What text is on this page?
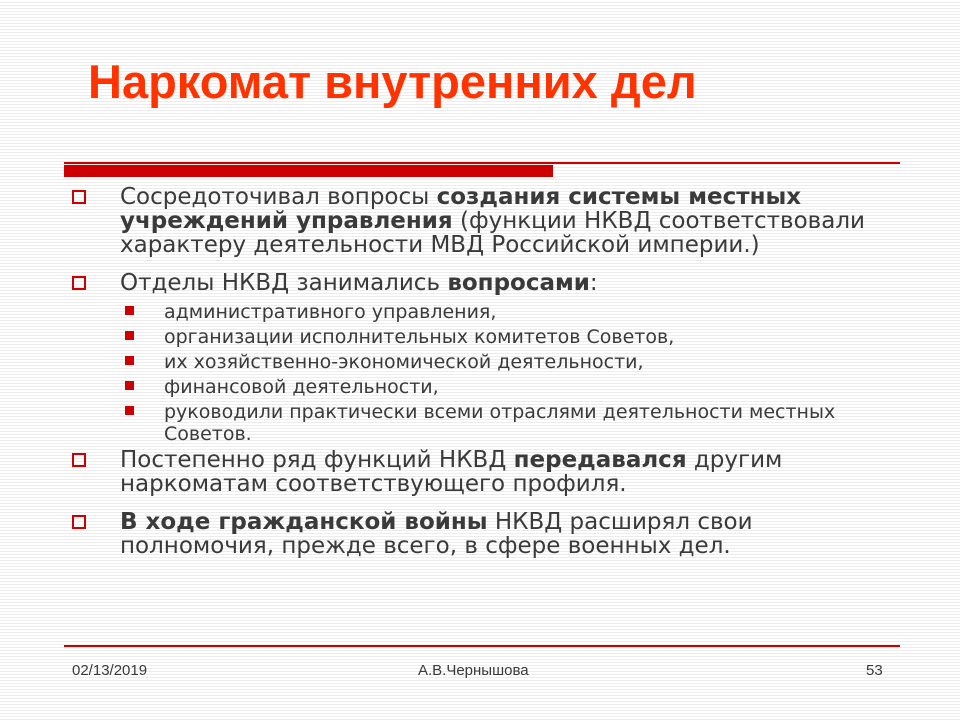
Наркомат внутренних дел
Сосредоточивал вопросы создания системы местных учреждений управления (функции НКВД соответствовали характеру деятельности МВД Российской империи.)
Отделы НКВД занимались вопросами:
административного управления,
организации исполнительных комитетов Советов,
их хозяйственно-экономической деятельности,
финансовой деятельности,
руководили практически всеми отраслями деятельности местных Советов.
Постепенно ряд функций НКВД передавался другим наркоматам соответствующего профиля.
В ходе гражданской войны НКВД расширял свои полномочия, прежде всего, в сфере военных дел.
02/13/2019	А.В.Чернышова	53
